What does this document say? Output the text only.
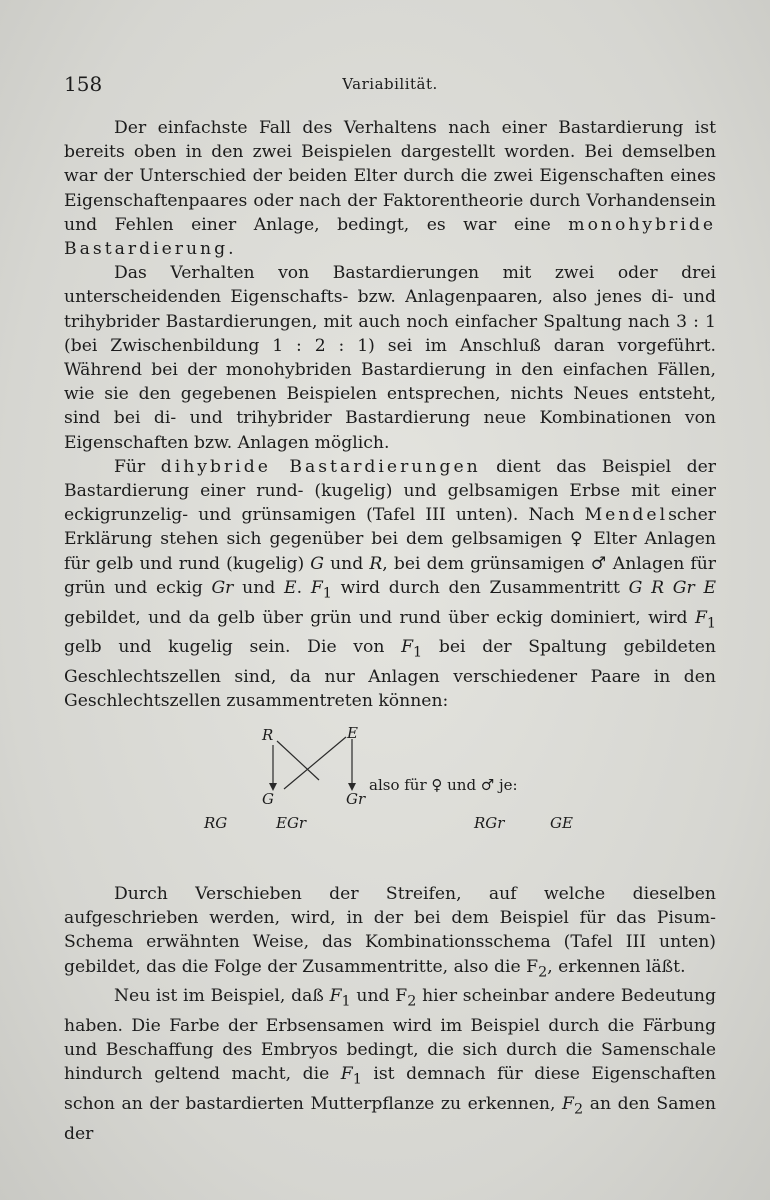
158	Variabilität.

Der einfachste Fall des Verhaltens nach einer Bastardierung ist bereits oben in den zwei Beispielen dargestellt worden. Bei demselben war der Unterschied der beiden Elter durch die zwei Eigenschaften eines Eigenschaftenpaares oder nach der Faktorentheorie durch Vorhandensein und Fehlen einer Anlage, bedingt, es war eine monohybride Bastardierung.

Das Verhalten von Bastardierungen mit zwei oder drei unterscheidenden Eigenschafts- bzw. Anlagenpaaren, also jenes di- und trihybrider Bastardierungen, mit auch noch einfacher Spaltung nach 3 : 1 (bei Zwischenbildung 1 : 2 : 1) sei im Anschluß daran vorgeführt. Während bei der monohybriden Bastardierung in den einfachen Fällen, wie sie den gegebenen Beispielen entsprechen, nichts Neues entsteht, sind bei di- und trihybrider Bastardierung neue Kombinationen von Eigenschaften bzw. Anlagen möglich.

Für dihybride Bastardierungen dient das Beispiel der Bastardierung einer rund- (kugelig) und gelbsamigen Erbse mit einer eckigrunzelig- und grünsamigen (Tafel III unten). Nach Mendelscher Erklärung stehen sich gegenüber bei dem gelbsamigen ♀ Elter Anlagen für gelb und rund (kugelig) G und R, bei dem grünsamigen ♂ Anlagen für grün und eckig Gr und E. $F_1$ wird durch den Zusammentritt G R Gr E gebildet, und da gelb über grün und rund über eckig dominiert, wird $F_1$ gelb und kugelig sein. Die von $F_1$ bei der Spaltung gebildeten Geschlechtszellen sind, da nur Anlagen verschiedener Paare in den Geschlechtszellen zusammentreten können:

R	E
G	Gr
also für ♀ und ♂ je:
RG	EGr	RGr	GE

Durch Verschieben der Streifen, auf welche dieselben aufgeschrieben werden, wird, in der bei dem Beispiel für das Pisum-Schema erwähnten Weise, das Kombinationsschema (Tafel III unten) gebildet, das die Folge der Zusammentritte, also die $F_2$, erkennen läßt.

Neu ist im Beispiel, daß $F_1$ und $F_2$ hier scheinbar andere Bedeutung haben. Die Farbe der Erbsensamen wird im Beispiel durch die Färbung und Beschaffung des Embryos bedingt, die sich durch die Samenschale hindurch geltend macht, die $F_1$ ist demnach für diese Eigenschaften schon an der bastardierten Mutterpflanze zu erkennen, $F_2$ an den Samen der
